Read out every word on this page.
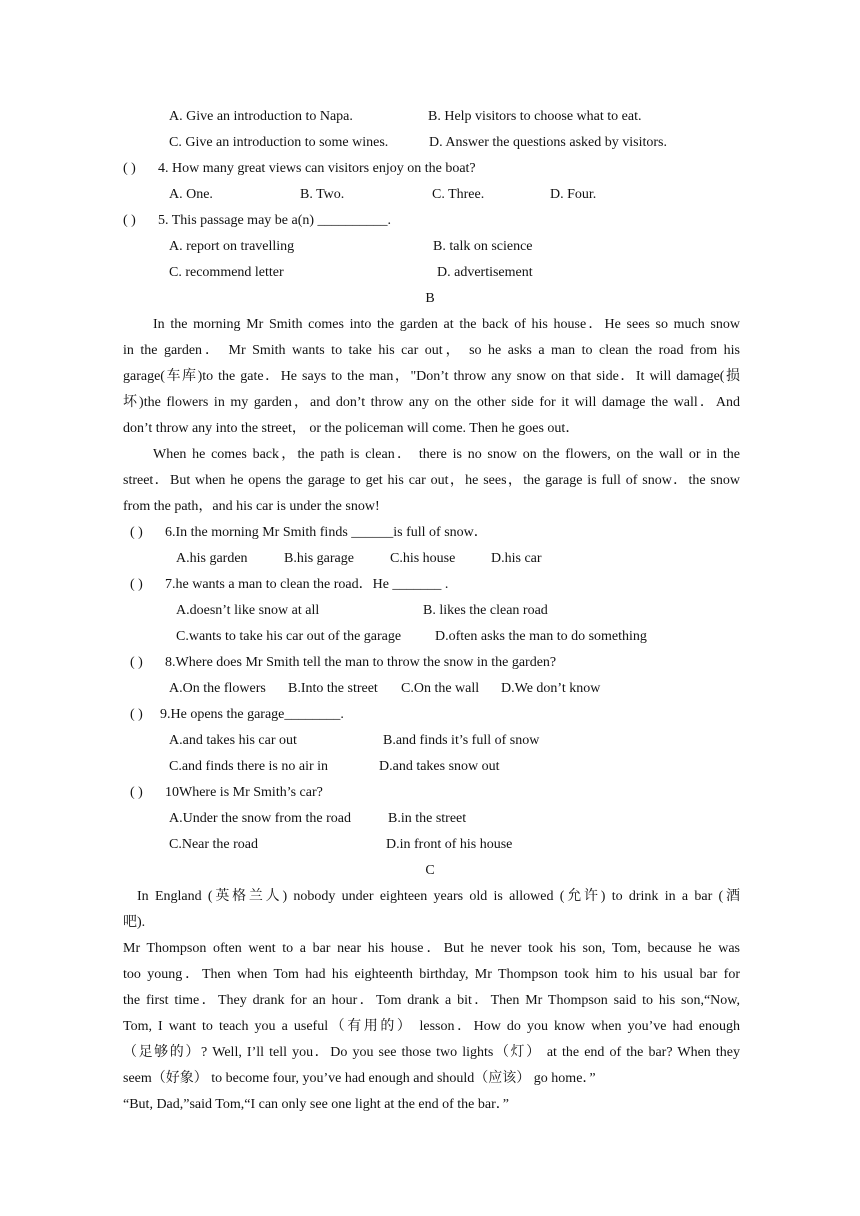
A. Give an introduction to Napa.	B. Help visitors to choose what to eat.
C. Give an introduction to some wines.	D. Answer the questions asked by visitors.
( ) 4. How many great views can visitors enjoy on the boat?
A. One.	B. Two.	C. Three.	D. Four.
( ) 5. This passage may be a(n) __________.
A. report on travelling	B. talk on science
C. recommend letter	D. advertisement
B
In the morning Mr Smith comes into the garden at the back of his house．He sees so much snow
in the garden． Mr Smith wants to take his car out， so he asks a man to clean the road from his
garage(车库)to the gate．He says to the man，"Don’t throw any snow on that side．It will damage(损
坏)the flowers in my garden，and don’t throw any on the other side for it will damage the wall．And
don’t throw any into the street， or the policeman will come. Then he goes out．
When he comes back，the path is clean． there is no snow on the flowers, on the wall or in the
street．But when he opens the garage to get his car out，he sees，the garage is full of snow．the snow
from the path，and his car is under the snow!
( ) 6.In the morning Mr Smith finds ______is full of snow．
A.his garden	B.his garage	C.his house	D.his car
( ) 7.he wants a man to clean the road．He _______ .
A.doesn’t like snow at all	B. likes the clean road
C.wants to take his car out of the garage D.often asks the man to do something
( ) 8.Where does Mr Smith tell the man to throw the snow in the garden?
A.On the flowers B.Into the street C.On the wall D.We don’t know
( ) 9.He opens the garage________.
A.and takes his car out	B.and finds it’s full of snow
C.and finds there is no air in	D.and takes snow out
( ) 10Where is Mr Smith’s car?
A.Under the snow from the road	B.in the street
C.Near the road	D.in front of his house
C
In England (英格兰人) nobody under eighteen years old is allowed (允许) to drink in a bar (酒
吧).
Mr Thompson often went to a bar near his house．But he never took his son, Tom, because he was
too young．Then when Tom had his eighteenth birthday, Mr Thompson took him to his usual bar for
the first time．They drank for an hour．Tom drank a bit．Then Mr Thompson said to his son,“Now,
Tom, I want to teach you a useful（有用的） lesson．How do you know when you’ve had enough
（足够的）? Well, I’ll tell you．Do you see those two lights（灯） at the end of the bar? When they
seem（好象） to become four, you’ve had enough and should（应该） go home．”
“But, Dad,”said Tom,“I can only see one light at the end of the bar．”
